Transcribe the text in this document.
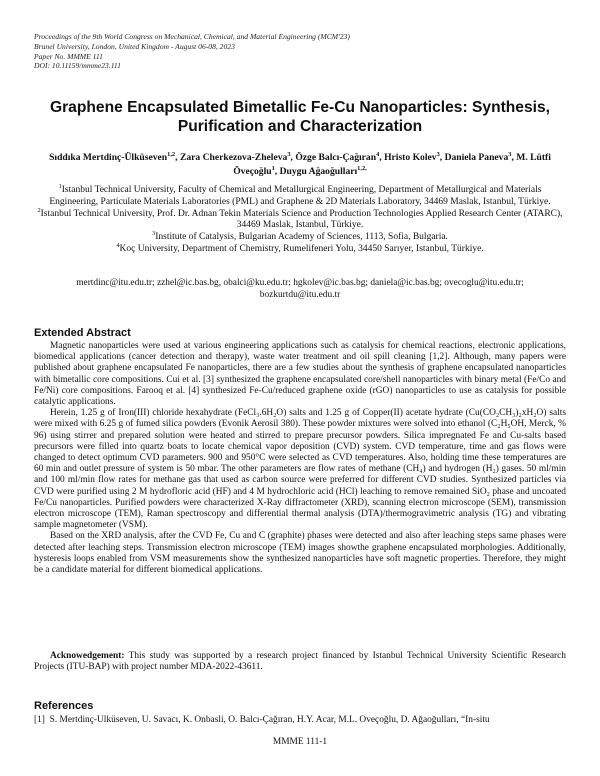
Proceedings of the 9th World Congress on Mechanical, Chemical, and Material Engineering (MCM'23)
Brunel University, London, United Kingdom - August 06-08, 2023
Paper No. MMME 111
DOI: 10.11159/mmme23.111
Graphene Encapsulated Bimetallic Fe-Cu Nanoparticles: Synthesis,
Purification and Characterization
Sıddıka Mertdinç-Ülküseven$^{1,2}$, Zara Cherkezova-Zheleva$^3$, Özge Balcı-Çağıran$^4$, Hristo Kolev$^3$, Daniela Paneva$^3$, M. Lütfi Öveçoğlu$^1$, Duygu Ağaoğulları$^{1,2,}$
$^1$Istanbul Technical University, Faculty of Chemical and Metallurgical Engineering, Department of Metallurgical and Materials Engineering, Particulate Materials Laboratories (PML) and Graphene & 2D Materials Laboratory, 34469 Maslak, Istanbul, Türkiye.
$^2$Istanbul Technical University, Prof. Dr. Adnan Tekin Materials Science and Production Technologies Applied Research Center (ATARC), 34469 Maslak, Istanbul, Türkiye.
$^3$Institute of Catalysis, Bulgarian Academy of Sciences, 1113, Sofia, Bulgaria.
$^4$Koç University, Department of Chemistry, Rumelifeneri Yolu, 34450 Sarıyer, Istanbul, Türkiye.
mertdinc@itu.edu.tr; zzhel@ic.bas.bg, obalci@ku.edu.tr; hgkolev@ic.bas.bg; daniela@ic.bas.bg; ovecoglu@itu.edu.tr;
bozkurtdu@itu.edu.tr
Extended Abstract

Magnetic nanoparticles were used at various engineering applications such as catalysis for chemical reactions, electronic applications, biomedical applications (cancer detection and therapy), waste water treatment and oil spill cleaning [1,2]. Although, many papers were published about graphene encapsulated Fe nanoparticles, there are a few studies about the synthesis of graphene encapsulated nanoparticles with bimetallic core compositions. Cui et al. [3] synthesized the graphene encapsulated core/shell nanoparticles with binary metal (Fe/Co and Fe/Ni) core compositions. Farooq et al. [4] synthesized Fe-Cu/reduced graphene oxide (rGO) nanoparticles to use as catalysis for possible catalytic applications.

Herein, 1.25 g of Iron(III) chloride hexahydrate (FeCl₃.6H₂O) salts and 1.25 g of Copper(II) acetate hydrate (Cu(CO₂CH₃)₂xH₂O) salts were mixed with 6.25 g of fumed silica powders (Evonik Aerosil 380). These powder mixtures were solved into ethanol (C₂H₅OH, Merck, % 96) using stirrer and prepared solution were heated and stirred to prepare precursor powders. Silica impregnated Fe and Cu-salts based precursors were filled into quartz boats to locate chemical vapor deposition (CVD) system. CVD temperature, time and gas flows were changed to detect optimum CVD parameters. 900 and 950°C were selected as CVD temperatures. Also, holding time these temperatures are 60 min and outlet pressure of system is 50 mbar. The other parameters are flow rates of methane (CH₄) and hydrogen (H₂) gases. 50 ml/min and 100 ml/min flow rates for methane gas that used as carbon source were preferred for different CVD studies. Synthesized particles via CVD were purified using 2 M hydrofloric acid (HF) and 4 M hydrochloric acid (HCl) leaching to remove remained SiO₂ phase and uncoated Fe/Cu nanoparticles. Purified powders were characterized X-Ray diffractometer (XRD), scanning electron microscope (SEM), transmission electron microscope (TEM), Raman spectroscopy and differential thermal analysis (DTA)/thermogravimetric analysis (TG) and vibrating sample magnetometer (VSM).

Based on the XRD analysis, after the CVD Fe, Cu and C (graphite) phases were detected and also after leaching steps same phases were detected after leaching steps. Transmission electron microscope (TEM) images showthe graphene encapsulated morphologies. Additionally, hysteresis loops enabled from VSM measurements show the synthesized nanoparticles have soft magnetic properties. Therefore, they might be a candidate material for different biomedical applications.

Acknowedgement: This study was supported by a research project financed by Istanbul Technical University Scientific Research Projects (ITU-BAP) with project number MDA-2022-43611.
References
[1] S. Mertdinç-Ülküseven, U. Savacı, K. Onbasli, Ö. Balcı-Çağıran, H.Y. Acar, M.L. Öveçoğlu, D. Ağaoğulları, “In-situ
MMME 111-1
